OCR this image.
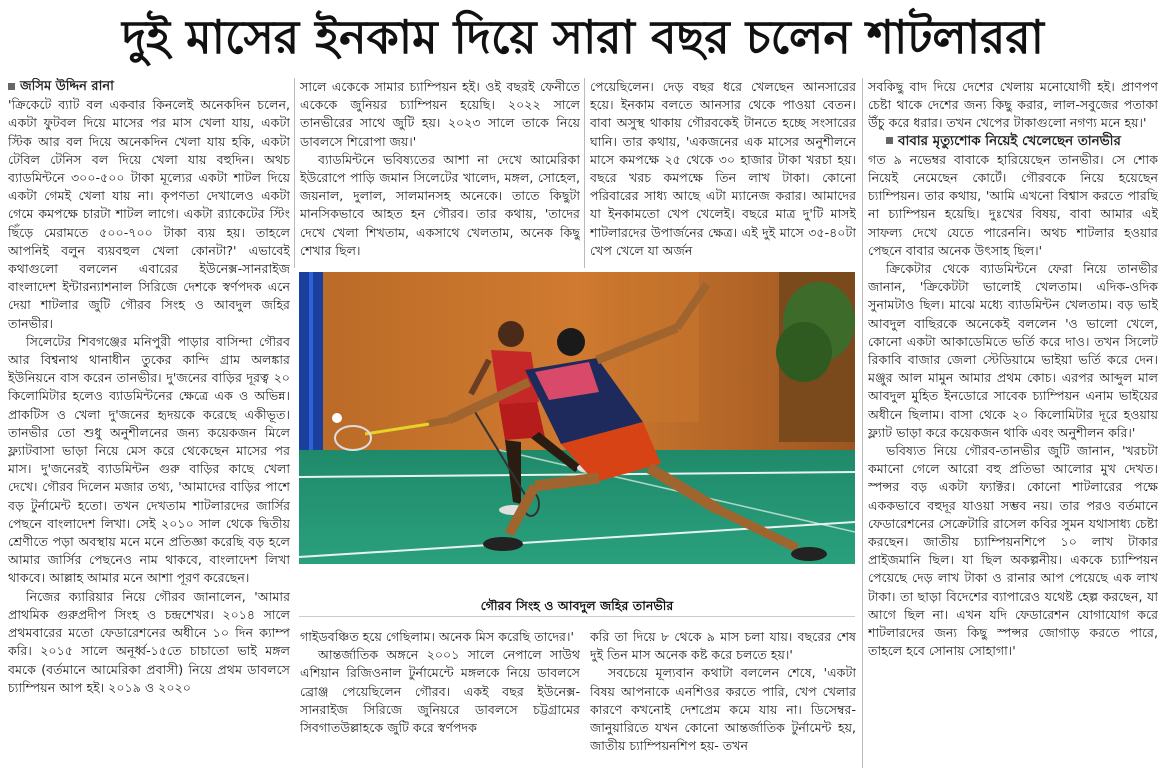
দুই মাসের ইনকাম দিয়ে সারা বছর চলেন শাটলাররা

জসিম উদ্দিন রানা

'ক্রিকেটে ব্যাট বল একবার কিনলেই অনেকদিন চলেন, একটা ফুটবল দিয়ে মাসের পর মাস খেলা যায়, একটা স্টিক আর বল দিয়ে অনেকদিন খেলা যায় হকি, একটা টেবিল টেনিস বল দিয়ে খেলা যায় বহুদিন। অথচ ব্যাডমিন্টনে ৩০০-৫০০ টাকা মূল্যের একটা শাটল দিয়ে একটা গেমই খেলা যায় না। কৃপণতা দেখালেও একটা গেমে কমপক্ষে চারটা শাটল লাগে। একটা র‍্যাকেটের স্টিং ছিঁড়ে মেরামতে ৫০০-৭০০ টাকা ব্যয় হয়। তাহলে আপনিই বলুন ব্যয়বহুল খেলা কোনটা?' এভাবেই কথাগুলো বললেন এবারের ইউনেক্স-সানরাইজ বাংলাদেশ ইন্টারন্যাশনাল সিরিজে দেশকে স্বর্ণপদক এনে দেয়া শাটলার জুটি গৌরব সিংহ ও আবদুল জহির তানভীর।

সিলেটের শিবগঞ্জের মনিপুরী পাড়ার বাসিন্দা গৌরব আর বিশ্বনাথ থানাধীন তুকের কান্দি গ্রাম অলঙ্কার ইউনিয়নে বাস করেন তানভীর। দু'জনের বাড়ির দূরত্ব ২০ কিলোমিটার হলেও ব্যাডমিন্টনের ক্ষেত্রে এক ও অভিন্ন। প্রাকটিস ও খেলা দু'জনের হৃদয়কে করেছে একীভূত। তানভীর তো শুধু অনুশীলনের জন্য কয়েকজন মিলে ফ্ল্যাটবাসা ভাড়া নিয়ে মেস করে থেকেছেন মাসের পর মাস। দু'জনেরই ব্যাডমিন্টন গুরু বাড়ির কাছে খেলা দেখে। গৌরব দিলেন মজার তথ্য, 'আমাদের বাড়ির পাশে বড় টুর্নামেন্ট হতো। তখন দেখতাম শাটলারদের জার্সির পেছনে বাংলাদেশ লিখা। সেই ২০১০ সাল থেকে দ্বিতীয় শ্রেণীতে পড়া অবস্থায় মনে মনে প্রতিজ্ঞা করেছি বড় হলে আমার জার্সির পেছনেও নাম থাকবে, বাংলাদেশ লিখা থাকবে। আল্লাহ আমার মনে আশা পূরণ করেছেন।

নিজের ক্যারিয়ার নিয়ে গৌরব জানালেন, 'আমার প্রাথমিক গুরুপ্রদীপ সিংহ ও চন্দ্রশেখর। ২০১৪ সালে প্রথমবারের মতো ফেডারেশনের অধীনে ১০ দিন ক্যাম্প করি। ২০১৫ সালে অনূর্ধ্ব-১৫তে চাচাতো ভাই মঙ্গল বমকে (বর্তমানে আমেরিকা প্রবাসী) নিয়ে প্রথম ডাবলসে চ্যাম্পিয়ন আপ হই। ২০১৯ ও ২০২০

সালে একেকে সামার চ্যাম্পিয়ন হই। ওই বছরই ফেনীতে একেকে জুনিয়র চ্যাম্পিয়ন হয়েছি। ২০২২ সালে তানভীরের সাথে জুটি হয়। ২০২৩ সালে তাকে নিয়ে ডাবলসে শিরোপা জয়।'

ব্যাডমিন্টনে ভবিষ্যতের আশা না দেখে আমেরিকা ইউরোপে পাড়ি জমান সিলেটের খালেদ, মঙ্গল, সোহেল, জয়নাল, দুলাল, সালমানসহ অনেকে। তাতে কিছুটা মানসিকভাবে আহত হন গৌরব। তার কথায়, 'তাদের দেখে খেলা শিখতাম, একসাথে খেলতাম, অনেক কিছু শেখার ছিল।

পেয়েছিলেন। দেড় বছর ধরে খেলছেন আনসারের হয়ে। ইনকাম বলতে আনসার থেকে পাওয়া বেতন। বাবা অসুস্থ থাকায় গৌরবকেই টানতে হচ্ছে সংসারের ঘানি। তার কথায়, 'একজনের এক মাসের অনুশীলনে মাসে কমপক্ষে ২৫ থেকে ৩০ হাজার টাকা খরচা হয়। বছরে খরচ কমপক্ষে তিন লাখ টাকা। কোনো পরিবারের সাধ্য আছে এটা ম্যানেজ করার। আমাদের যা ইনকামতো খেপ খেলেই। বছরে মাত্র দু'টি মাসই শাটলারদের উপার্জনের ক্ষেত্র। এই দুই মাসে ৩৫-৪০টা খেপ খেলে যা অর্জন

গৌরব সিংহ ও আবদুল জহির তানভীর

গাইডবঞ্চিত হয়ে গেছিলাম। অনেক মিস করেছি তাদের।'

আন্তর্জাতিক অঙ্গনে ২০০১ সালে নেপালে সাউথ এশিয়ান রিজিওনাল টুর্নামেন্টে মঙ্গলকে নিয়ে ডাবলসে ব্রোঞ্জ পেয়েছিলেন গৌরব। একই বছর ইউনেক্স-সানরাইজ সিরিজে জুনিয়রে ডাবলসে চট্টগ্রামের সিবগাতউল্লাহকে জুটি করে স্বর্ণপদক

করি তা দিয়ে ৮ থেকে ৯ মাস চলা যায়। বছরের শেষ দুই তিন মাস অনেক কষ্ট করে চলতে হয়।'

সবচেয়ে মূল্যবান কথাটা বললেন শেষে, 'একটা বিষয় আপনাকে এনশিওর করতে পারি, খেপ খেলার কারণে কখনোই দেশপ্রেম কমে যায় না। ডিসেম্বর-জানুয়ারিতে যখন কোনো আন্তর্জাতিক টুর্নামেন্ট হয়, জাতীয় চ্যাম্পিয়নশিপ হয়- তখন

সবকিছু বাদ দিয়ে দেশের খেলায় মনোযোগী হই। প্রাণপণ চেষ্টা থাকে দেশের জন্য কিছু করার, লাল-সবুজের পতাকা উঁচু করে ধরার। তখন খেপের টাকাগুলো নগণ্য মনে হয়।'

বাবার মৃত্যুশোক নিয়েই খেলেছেন তানভীর

গত ৯ নভেম্বর বাবাকে হারিয়েছেন তানভীর। সে শোক নিয়েই নেমেছেন কোর্টে। গৌরবকে নিয়ে হয়েছেন চ্যাম্পিয়ন। তার কথায়, 'আমি এখনো বিশ্বাস করতে পারছি না চ্যাম্পিয়ন হয়েছি। দুঃখের বিষয়, বাবা আমার এই সাফল্য দেখে যেতে পারেননি। অথচ শাটলার হওয়ার পেছনে বাবার অনেক উৎসাহ ছিল।'

ক্রিকেটার থেকে ব্যাডমিন্টনে ফেরা নিয়ে তানভীর জানান, 'ক্রিকেটটা ভালোই খেলতাম। এদিক-ওদিক সুনামটাও ছিল। মাঝে মধ্যে ব্যাডমিন্টন খেলতাম। বড় ভাই আবদুল বাছিরকে অনেকেই বললেন 'ও ভালো খেলে, কোনো একটা আকাডেমিতে ভর্তি করে দাও। তখন সিলেট রিকাবি বাজার জেলা স্টেডিয়ামে ভাইয়া ভর্তি করে দেন। মঞ্জুর আল মামুন আমার প্রথম কোচ। এরপর আব্দুল মাল আবদুল মুহিত ইনডোরে সাবেক চ্যাম্পিয়ন এনাম ভাইয়ের অধীনে ছিলাম। বাসা থেকে ২০ কিলোমিটার দূরে হওয়ায় ফ্ল্যাট ভাড়া করে কয়েকজন থাকি এবং অনুশীলন করি।'

ভবিষ্যত নিয়ে গৌরব-তানভীর জুটি জানান, 'খরচটা কমানো গেলে আরো বহু প্রতিভা আলোর মুখ দেখত। স্পন্সর বড় একটা ফ্যাক্টর। কোনো শাটলারের পক্ষে এককভাবে বহুদূর যাওয়া সম্ভব নয়। তার পরও বর্তমানে ফেডারেশনের সেক্রেটারি রাসেল কবির সুমন যথাসাধ্য চেষ্টা করছেন। জাতীয় চ্যাম্পিয়নশিপে ১০ লাখ টাকার প্রাইজমানি ছিল। যা ছিল অকল্পনীয়। এককে চ্যাম্পিয়ন পেয়েছে দেড় লাখ টাকা ও রানার আপ পেয়েছে এক লাখ টাকা। তা ছাড়া বিদেশের ব্যাপারেও যথেষ্ট হেল্প করছেন, যা আগে ছিল না। এখন যদি ফেডারেশন যোগাযোগ করে শাটলারদের জন্য কিছু স্পন্সর জোগাড় করতে পারে, তাহলে হবে সোনায় সোহাগা।'
